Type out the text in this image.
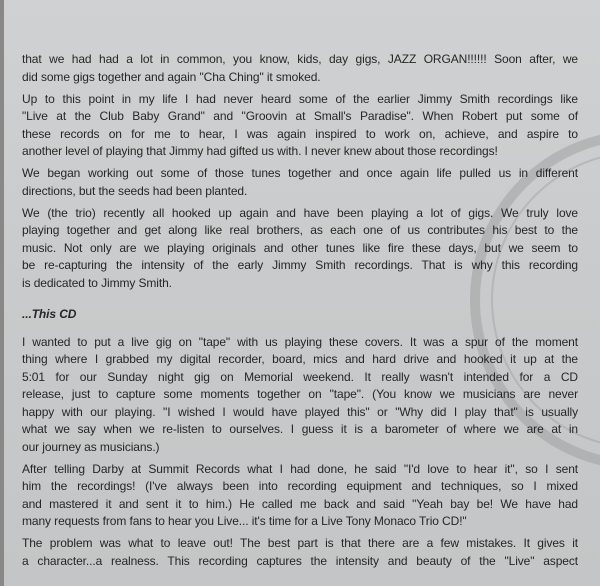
that we had had a lot in common, you know, kids, day gigs, JAZZ ORGAN!!!!!! Soon after, we
did some gigs together and again "Cha Ching" it smoked.
Up to this point in my life I had never heard some of the earlier Jimmy Smith recordings like
"Live at the Club Baby Grand" and "Groovin at Small's Paradise". When Robert put some of
these records on for me to hear, I was again inspired to work on, achieve, and aspire to
another level of playing that Jimmy had gifted us with. I never knew about those recordings!
We began working out some of those tunes together and once again life pulled us in different
directions, but the seeds had been planted.
We (the trio) recently all hooked up again and have been playing a lot of gigs. We truly love
playing together and get along like real brothers, as each one of us contributes his best to the
music. Not only are we playing originals and other tunes like fire these days, but we seem to
be re-capturing the intensity of the early Jimmy Smith recordings. That is why this recording
is dedicated to Jimmy Smith.
...This CD
I wanted to put a live gig on "tape" with us playing these covers. It was a spur of the moment
thing where I grabbed my digital recorder, board, mics and hard drive and hooked it up at the
5:01 for our Sunday night gig on Memorial weekend. It really wasn't intended for a CD
release, just to capture some moments together on "tape". (You know we musicians are never
happy with our playing. "I wished I would have played this" or "Why did I play that" is usually
what we say when we re-listen to ourselves. I guess it is a barometer of where we are at in
our journey as musicians.)
After telling Darby at Summit Records what I had done, he said "I'd love to hear it", so I sent
him the recordings! (I've always been into recording equipment and techniques, so I mixed
and mastered it and sent it to him.) He called me back and said "Yeah bay be! We have had
many requests from fans to hear you Live... it's time for a Live Tony Monaco Trio CD!"
The problem was what to leave out! The best part is that there are a few mistakes. It gives it
a character...a realness. This recording captures the intensity and beauty of the "Live" aspect
